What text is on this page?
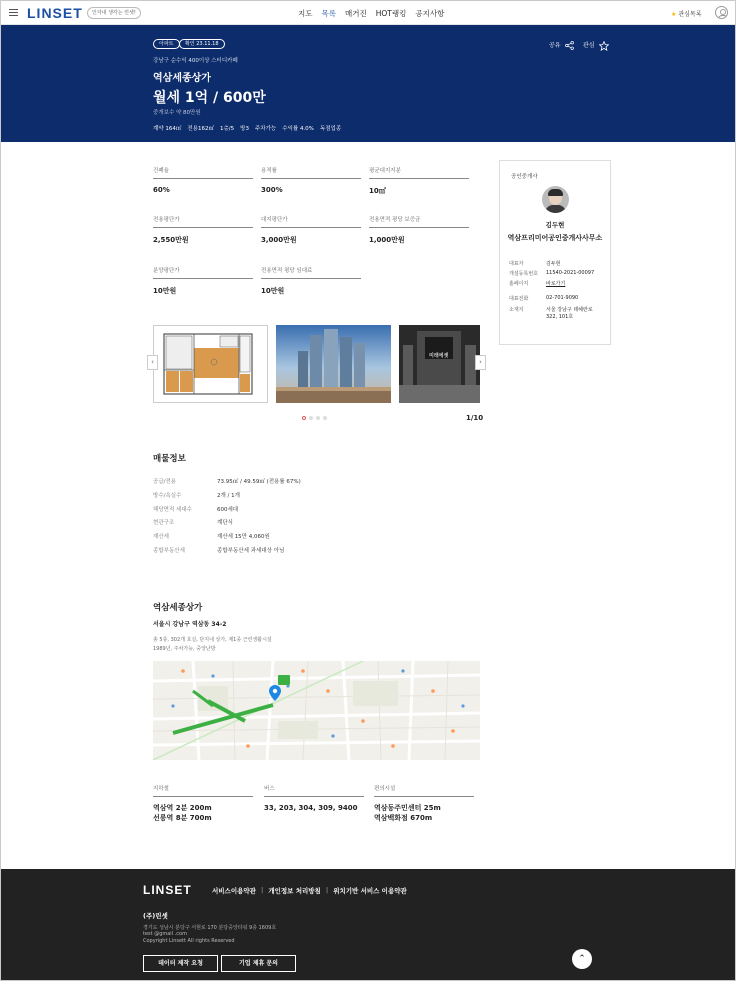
LINSET	인자내 생각는 린셋!	지도 목록 매거진 HOT랭킹 공지사항	★ 관심목록
아파트	확인 23.11.18
강남구 순수익 400이상 스터디카페
역삼세종상가
월세 1억 / 600만
중개보수 약 80만원
계약 164㎡ 전용162㎡ 1층/5 방3 주차가능 수익률 4.0% 독점업종
공유	관심
건폐율
60%
용적률
300%
평균대지지분
10㎡
전용평단가
2,550만원
대지평단가
3,000만원
전용면적 평당 보증금
1,000만원
분양평단가
10만원
전용면적 평당 임대료
10만원
공인중개사
김두현
역삼프리미어공인중개사사무소
대표자	김두현
개설등록번호 11540-2021-00097
홈페이지	바로가기
대표전화	02-701-9090
소재지	서울 강남구 테헤란로 322, 101호
미래에셋
‹	›
1/10
매물정보
공급/전용	73.95㎡ / 49.59㎡ (전용률 67%)
방수/욕실수	2개 / 1개
해당면적 세대수	600세대
현관구조	계단식
재산세	재산세 15만 4,060원
종합부동산세	종합부동산세 과세대상 아님
역삼세종상가
서울시 강남구 역삼동 34-2
총 5층, 302개 호실, 단지내 상가, 제1종 근린생활시설
1989년, 주차가능, 중앙난방
지하철
역삼역 2분 200m
선릉역 8분 700m
버스
33, 203, 304, 309, 9400
편의시설
역삼동주민센터 25m
역삼백화점 670m
LINSET	서비스이용약관 | 개인정보 처리방침 | 위치기반 서비스 이용약관
(주)린셋
경기도 성남시 분당구 서현로 170 분당중앙타워 9층 1609호
test @gmail .com
Copyright Linsett All rights Reserved
데이터 제작 요청	기업 제휴 문의	⌃
